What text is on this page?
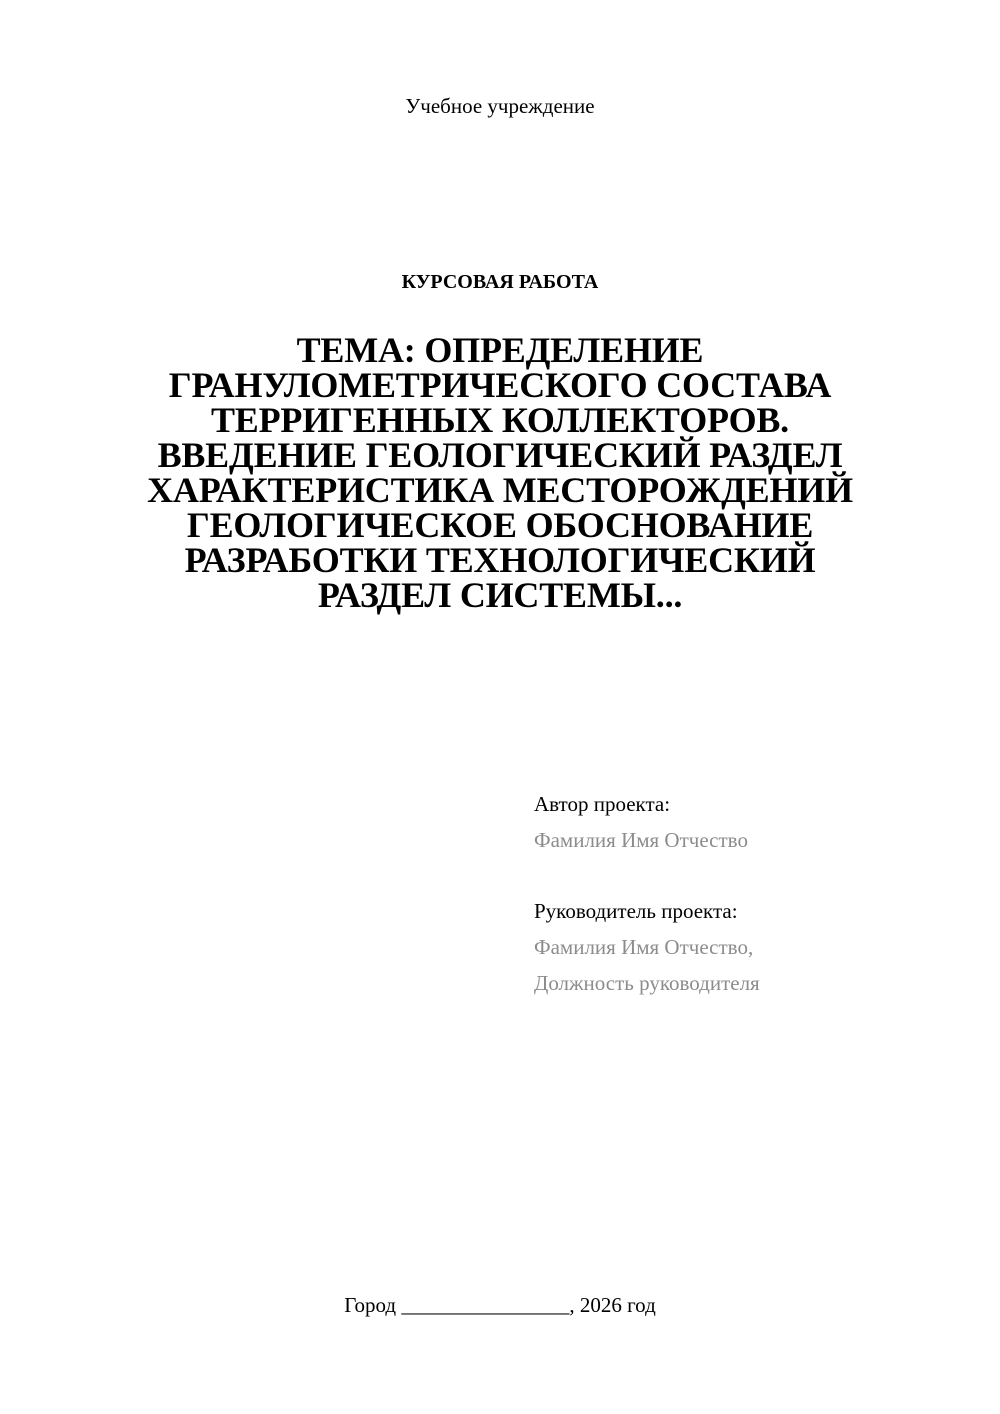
Учебное учреждение
КУРСОВАЯ РАБОТА
ТЕМА: ОПРЕДЕЛЕНИЕ
ГРАНУЛОМЕТРИЧЕСКОГО СОСТАВА
ТЕРРИГЕННЫХ КОЛЛЕКТОРОВ.
ВВЕДЕНИЕ ГЕОЛОГИЧЕСКИЙ РАЗДЕЛ
ХАРАКТЕРИСТИКА МЕСТОРОЖДЕНИЙ
ГЕОЛОГИЧЕСКОЕ ОБОСНОВАНИЕ
РАЗРАБОТКИ ТЕХНОЛОГИЧЕСКИЙ
РАЗДЕЛ СИСТЕМЫ...
Автор проекта:
Фамилия Имя Отчество
Руководитель проекта:
Фамилия Имя Отчество,
Должность руководителя
Город ________________, 2026 год
